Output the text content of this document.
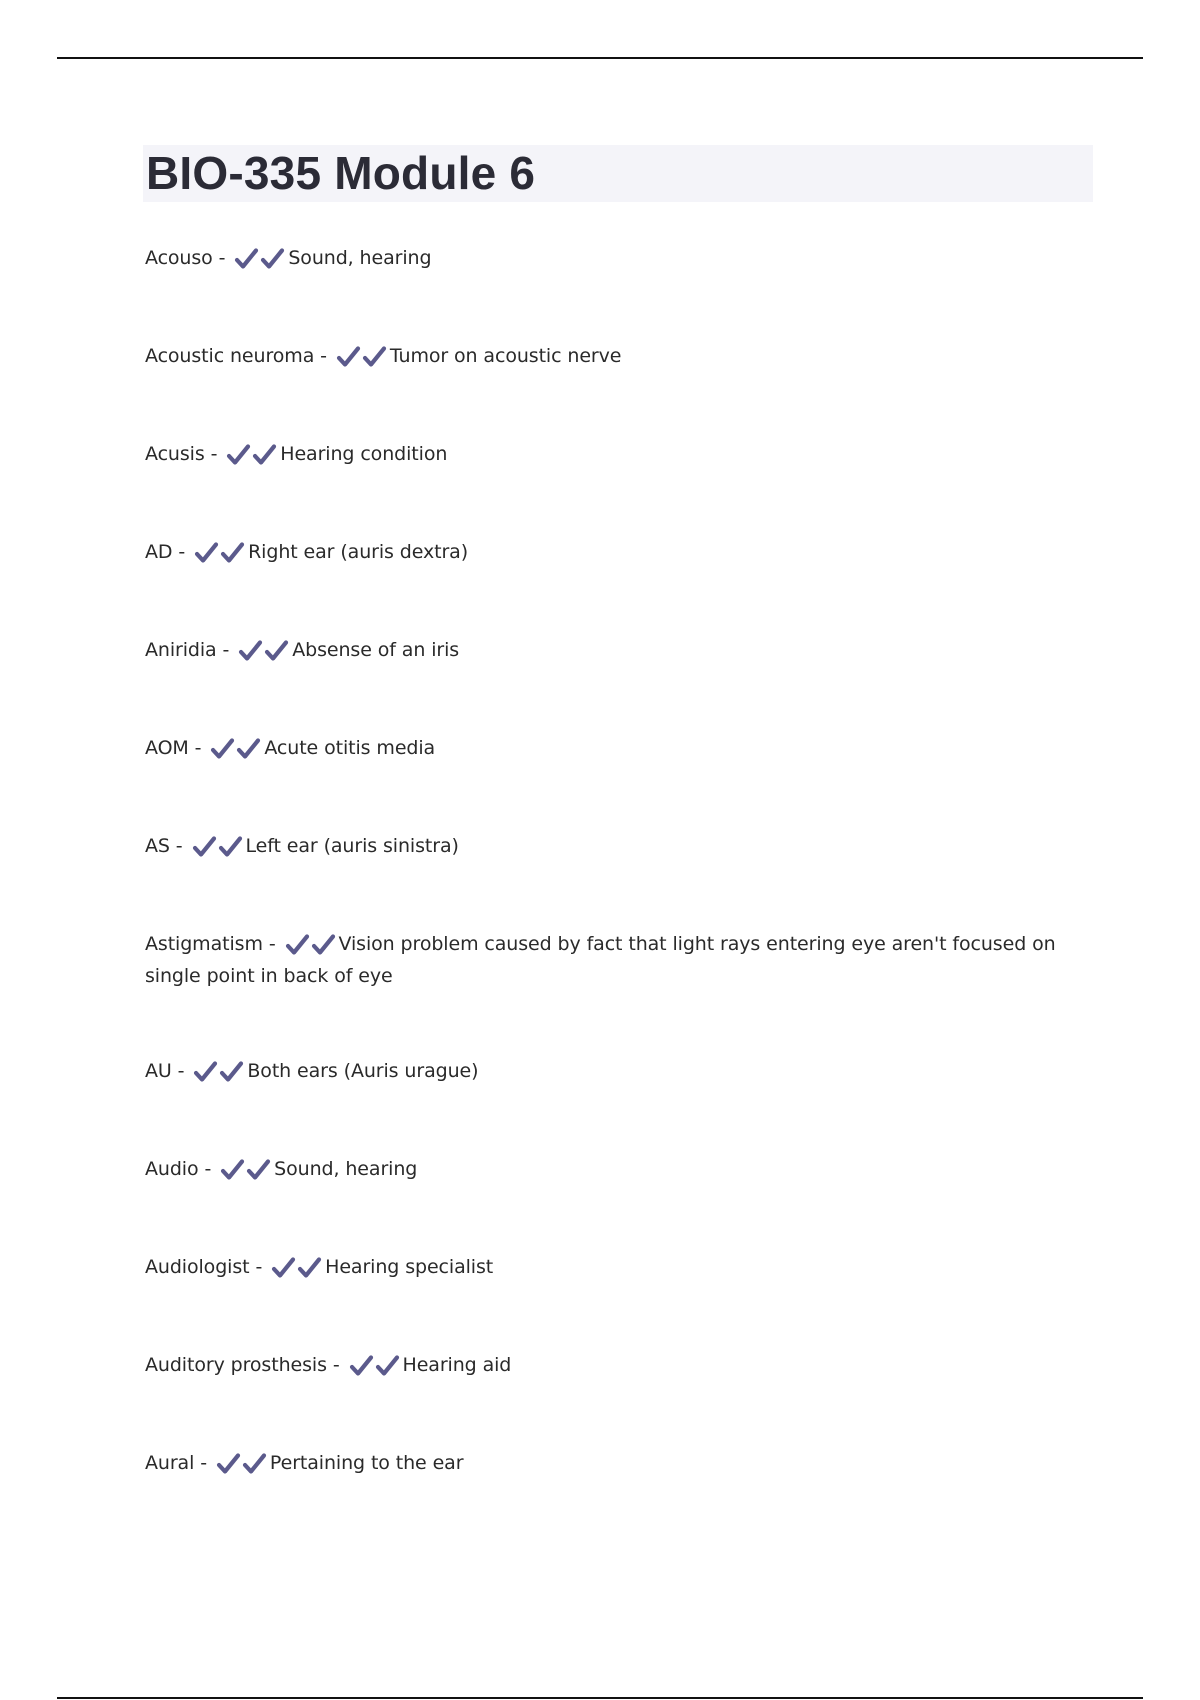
BIO-335 Module 6
Acouso -	Sound, hearing
Acoustic neuroma -	Tumor on acoustic nerve
Acusis -	Hearing condition
AD -	Right ear (auris dextra)
Aniridia -	Absense of an iris
AOM -	Acute otitis media
AS -	Left ear (auris sinistra)
Astigmatism -	Vision problem caused by fact that light rays entering eye aren't focused on single point in back of eye
AU -	Both ears (Auris urague)
Audio -	Sound, hearing
Audiologist -	Hearing specialist
Auditory prosthesis -	Hearing aid
Aural -	Pertaining to the ear
